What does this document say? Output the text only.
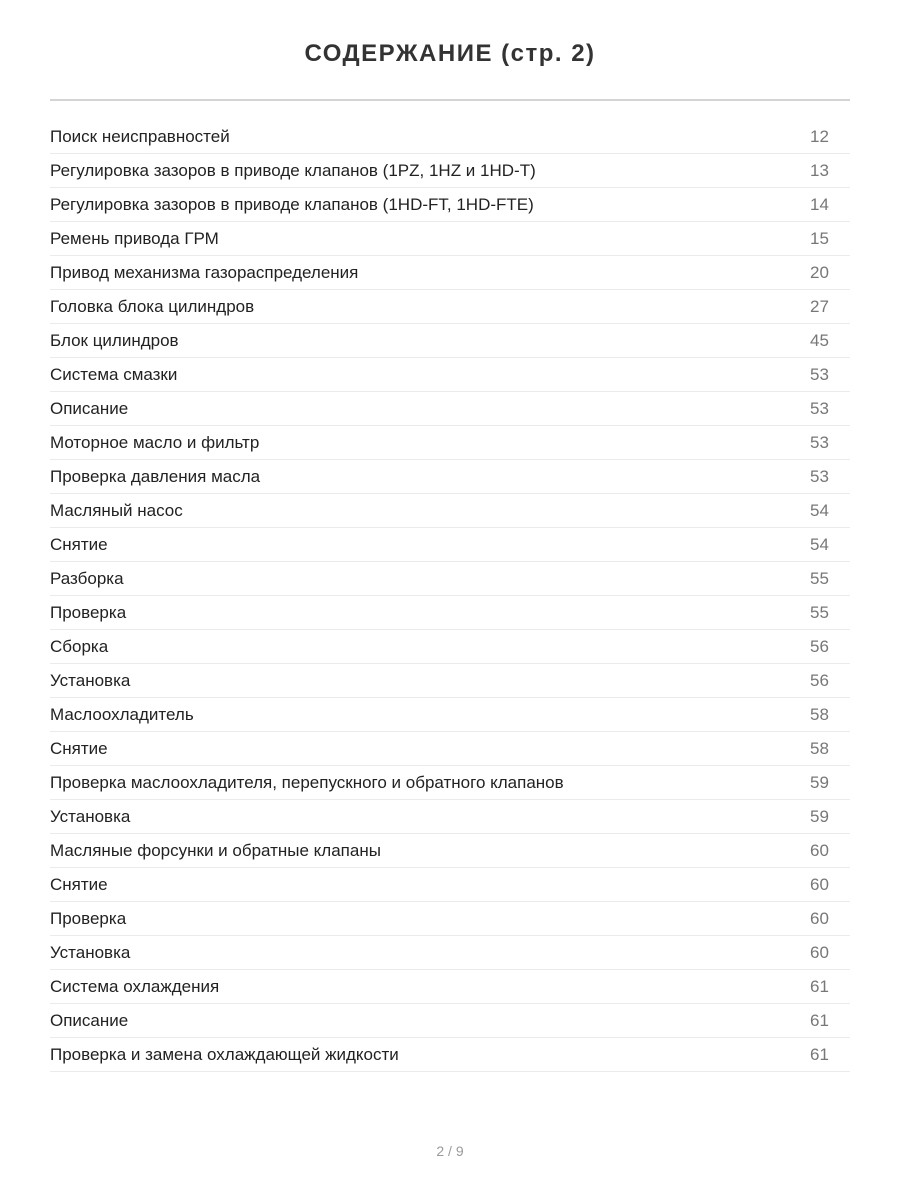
СОДЕРЖАНИЕ (стр. 2)
Поиск неисправностей	12
Регулировка зазоров в приводе клапанов (1PZ, 1HZ и 1HD-T)	13
Регулировка зазоров в приводе клапанов (1HD-FT, 1HD-FTE)	14
Ремень привода ГРМ	15
Привод механизма газораспределения	20
Головка блока цилиндров	27
Блок цилиндров	45
Система смазки	53
Описание	53
Моторное масло и фильтр	53
Проверка давления масла	53
Масляный насос	54
Снятие	54
Разборка	55
Проверка	55
Сборка	56
Установка	56
Маслоохладитель	58
Снятие	58
Проверка маслоохладителя, перепускного и обратного клапанов	59
Установка	59
Масляные форсунки и обратные клапаны	60
Снятие	60
Проверка	60
Установка	60
Система охлаждения	61
Описание	61
Проверка и замена охлаждающей жидкости	61
2 / 9
